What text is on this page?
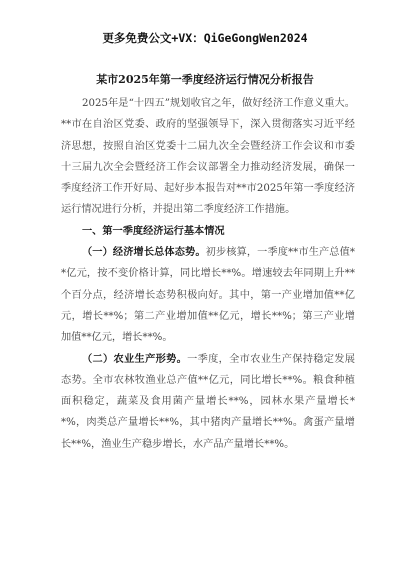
更多免费公文+VX：QiGeGongWen2024
某市2025年第一季度经济运行情况分析报告

2025年是“十四五”规划收官之年，做好经济工作意义重大。**市在自治区党委、政府的坚强领导下，深入贯彻落实习近平经济思想，按照自治区党委十二届九次全会暨经济工作会议和市委十三届九次全会暨经济工作会议部署全力推动经济发展，确保一季度经济工作开好局、起好步本报告对**市2025年第一季度经济运行情况进行分析，并提出第二季度经济工作措施。

一、第一季度经济运行基本情况

（一）经济增长总体态势。初步核算，一季度**市生产总值**亿元，按不变价格计算，同比增长**%。增速较去年同期上升**个百分点，经济增长态势积极向好。其中，第一产业增加值**亿元，增长**%；第二产业增加值**亿元，增长**%；第三产业增加值**亿元，增长**%。

（二）农业生产形势。一季度，全市农业生产保持稳定发展态势。全市农林牧渔业总产值**亿元，同比增长**%。粮食种植面积稳定，蔬菜及食用菌产量增长**%，园林水果产量增长**%，肉类总产量增长**%，其中猪肉产量增长**%。禽蛋产量增长**%，渔业生产稳步增长，水产品产量增长**%。
